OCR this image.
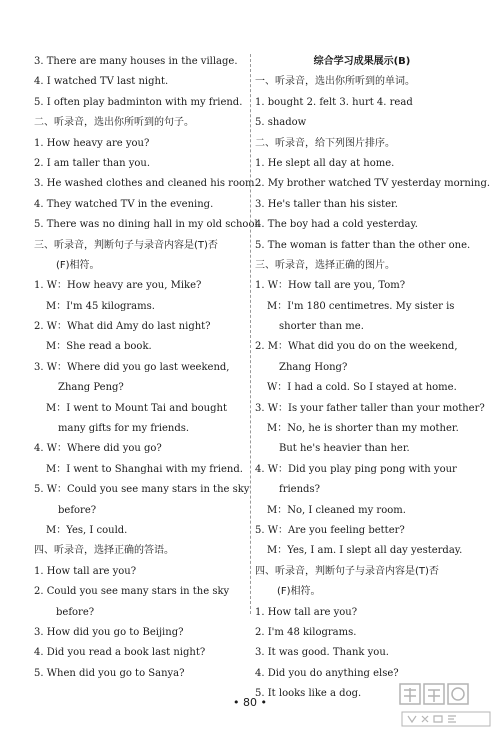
3. There are many houses in the village.
4. I watched TV last night.
5. I often play badminton with my friend.
二、听录音，选出你所听到的句子。
1. How heavy are you?
2. I am taller than you.
3. He washed clothes and cleaned his room.
4. They watched TV in the evening.
5. There was no dining hall in my old school.
三、听录音，判断句子与录音内容是(T)否
(F)相符。
1. W：How heavy are you, Mike?
M：I'm 45 kilograms.
2. W：What did Amy do last night?
M：She read a book.
3. W：Where did you go last weekend,
Zhang Peng?
M：I went to Mount Tai and bought
many gifts for my friends.
4. W：Where did you go?
M：I went to Shanghai with my friend.
5. W：Could you see many stars in the sky
before?
M：Yes, I could.
四、听录音，选择正确的答语。
1. How tall are you?
2. Could you see many stars in the sky
before?
3. How did you go to Beijing?
4. Did you read a book last night?
5. When did you go to Sanya?
综合学习成果展示(B)
一、听录音，选出你所听到的单词。
1. bought 2. felt 3. hurt 4. read
5. shadow
二、听录音，给下列图片排序。
1. He slept all day at home.
2. My brother watched TV yesterday morning.
3. He's taller than his sister.
4. The boy had a cold yesterday.
5. The woman is fatter than the other one.
三、听录音，选择正确的图片。
1. W：How tall are you, Tom?
M：I'm 180 centimetres. My sister is
shorter than me.
2. M：What did you do on the weekend,
Zhang Hong?
W：I had a cold. So I stayed at home.
3. W：Is your father taller than your mother?
M：No, he is shorter than my mother.
But he's heavier than her.
4. W：Did you play ping pong with your
friends?
M：No, I cleaned my room.
5. W：Are you feeling better?
M：Yes, I am. I slept all day yesterday.
四、听录音，判断句子与录音内容是(T)否
(F)相符。
1. How tall are you?
2. I'm 48 kilograms.
3. It was good. Thank you.
4. Did you do anything else?
5. It looks like a dog.
• 80 •
